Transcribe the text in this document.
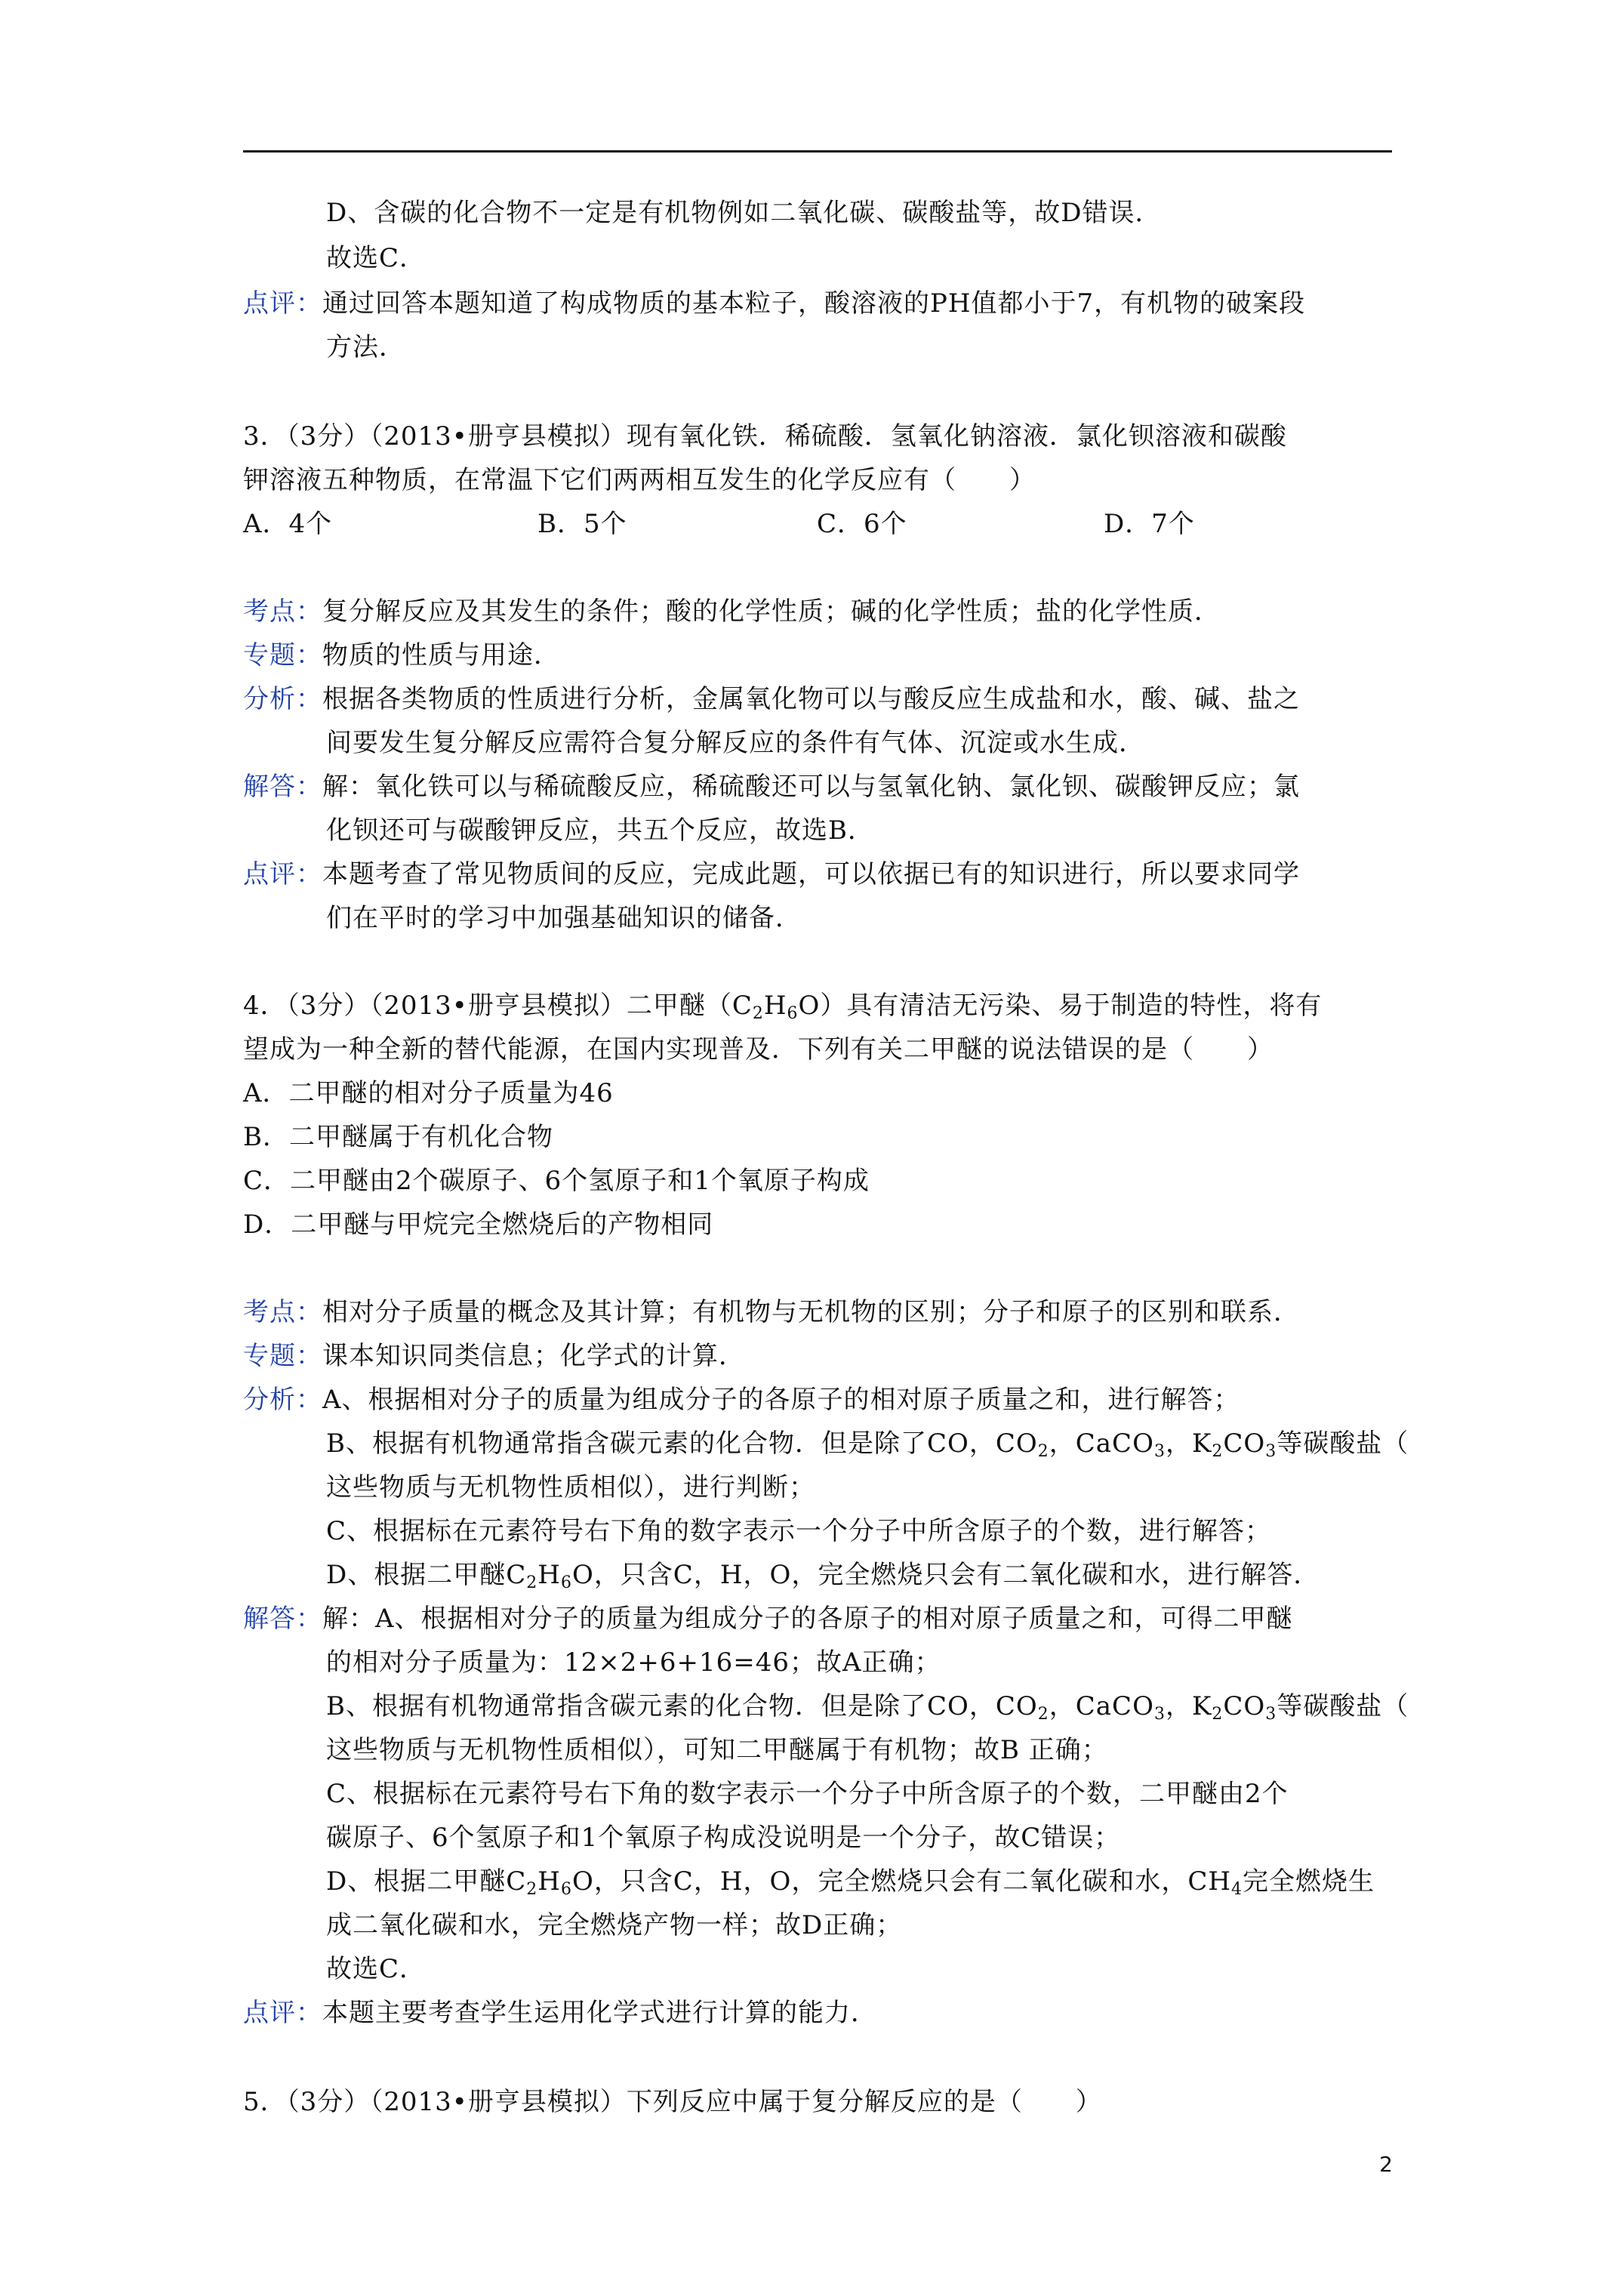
D、含碳的化合物不一定是有机物例如二氧化碳、碳酸盐等，故D错误．
故选C．
点评：通过回答本题知道了构成物质的基本粒子，酸溶液的PH值都小于7，有机物的破案段
方法．
3．（3分）（2013•册亨县模拟）现有氧化铁．稀硫酸．氢氧化钠溶液．氯化钡溶液和碳酸
钾溶液五种物质，在常温下它们两两相互发生的化学反应有（　　）
A．4个	B．5个	C．6个	D．7个
考点：复分解反应及其发生的条件；酸的化学性质；碱的化学性质；盐的化学性质．
专题：物质的性质与用途．
分析：根据各类物质的性质进行分析，金属氧化物可以与酸反应生成盐和水，酸、碱、盐之
间要发生复分解反应需符合复分解反应的条件有气体、沉淀或水生成．
解答：解：氧化铁可以与稀硫酸反应，稀硫酸还可以与氢氧化钠、氯化钡、碳酸钾反应；氯
化钡还可与碳酸钾反应，共五个反应，故选B．
点评：本题考查了常见物质间的反应，完成此题，可以依据已有的知识进行，所以要求同学
们在平时的学习中加强基础知识的储备．
4．（3分）（2013•册亨县模拟）二甲醚$(C_2H_6O)$具有清洁无污染、易于制造的特性，将有
望成为一种全新的替代能源，在国内实现普及．下列有关二甲醚的说法错误的是（　　）
A．二甲醚的相对分子质量为46
B．二甲醚属于有机化合物
C．二甲醚由2个碳原子、6个氢原子和1个氧原子构成
D．二甲醚与甲烷完全燃烧后的产物相同
考点：相对分子质量的概念及其计算；有机物与无机物的区别；分子和原子的区别和联系．
专题：课本知识同类信息；化学式的计算．
分析：A、根据相对分子的质量为组成分子的各原子的相对原子质量之和，进行解答；
B、根据有机物通常指含碳元素的化合物．但是除了CO，$CO_2$，CaCO$_3$，$K_2CO_3$等碳酸盐（
这些物质与无机物性质相似），进行判断；
C、根据标在元素符号右下角的数字表示一个分子中所含原子的个数，进行解答；
D、根据二甲醚$C_2H_6O$，只含C，H，O，完全燃烧只会有二氧化碳和水，进行解答．
解答：解：A、根据相对分子的质量为组成分子的各原子的相对原子质量之和，可得二甲醚
的相对分子质量为：12×2+6+16=46；故A正确；
B、根据有机物通常指含碳元素的化合物．但是除了CO，$CO_2$，CaCO$_3$，$K_2CO_3$等碳酸盐（
这些物质与无机物性质相似），可知二甲醚属于有机物；故B 正确；
C、根据标在元素符号右下角的数字表示一个分子中所含原子的个数，二甲醚由2个
碳原子、6个氢原子和1个氧原子构成没说明是一个分子，故C错误；
D、根据二甲醚$C_2H_6O$，只含C，H，O，完全燃烧只会有二氧化碳和水，$CH_4$完全燃烧生
成二氧化碳和水，完全燃烧产物一样；故D正确；
故选C．
点评：本题主要考查学生运用化学式进行计算的能力．
5．（3分）（2013•册亨县模拟）下列反应中属于复分解反应的是（　　）
2
